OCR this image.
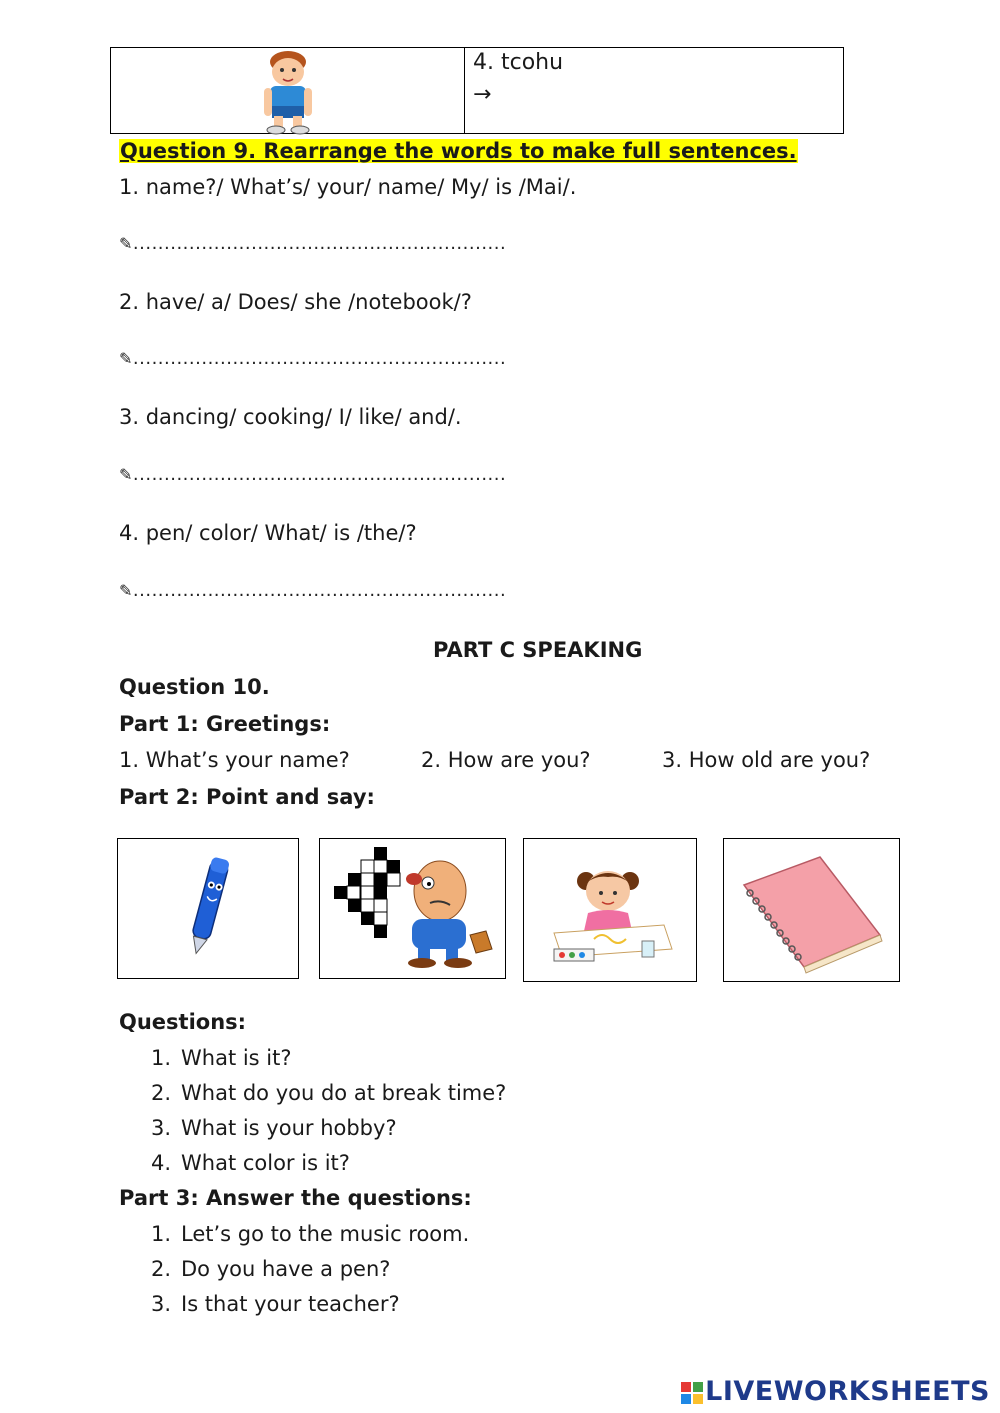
4. tcohu
→
Question 9. Rearrange the words to make full sentences.
1. name?/ What’s/ your/ name/ My/ is /Mai/.
✎............................................................
2. have/ a/ Does/ she /notebook/?
✎............................................................
3. dancing/ cooking/ I/ like/ and/.
✎............................................................
4. pen/ color/ What/ is /the/?
✎............................................................
PART C SPEAKING
Question 10.
Part 1: Greetings:
1. What’s your name?	2. How are you?	3. How old are you?
Part 2: Point and say:
Questions:
1. What is it?
2. What do you do at break time?
3. What is your hobby?
4. What color is it?
Part 3: Answer the questions:
1. Let’s go to the music room.
2. Do you have a pen?
3. Is that your teacher?
LIVEWORKSHEETS
